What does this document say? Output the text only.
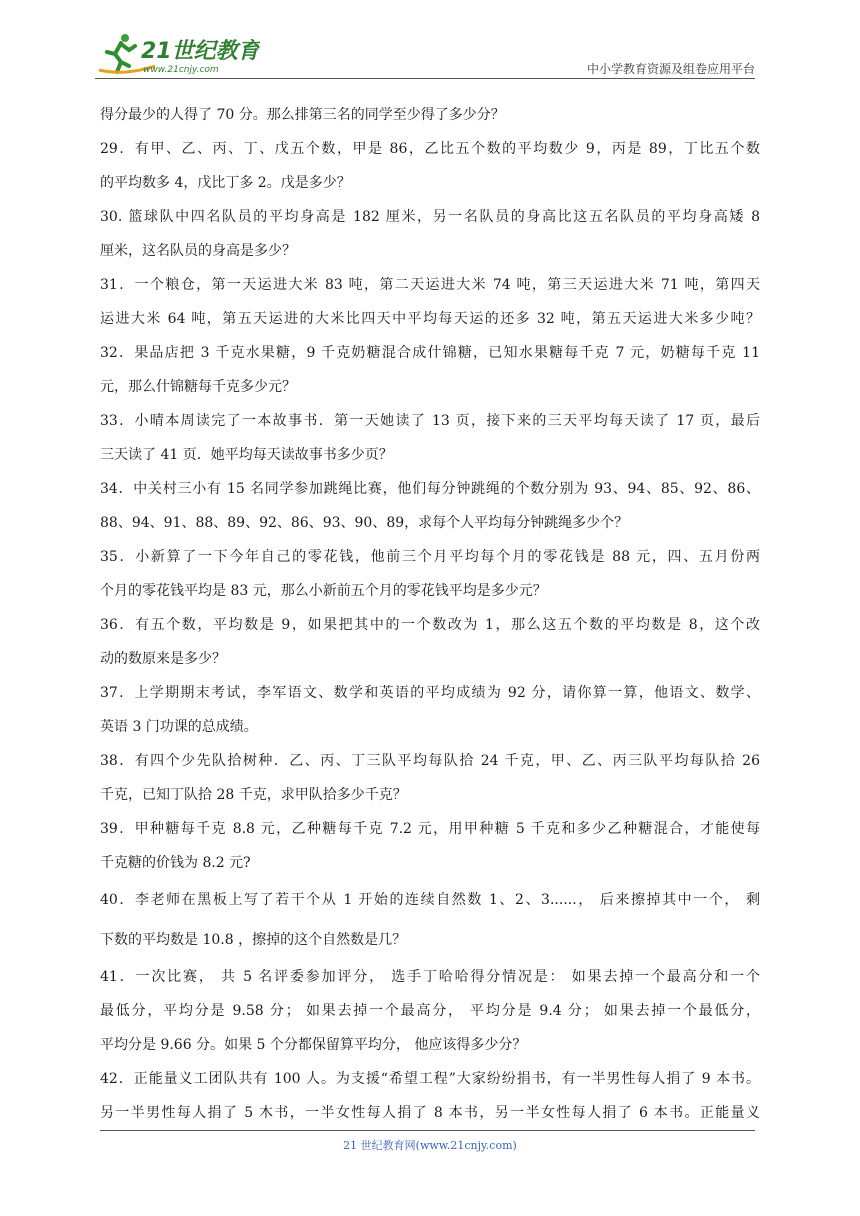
21世纪教育
www.21cnjy.com	中小学教育资源及组卷应用平台
得分最少的人得了 70 分。那么排第三名的同学至少得了多少分？
29．有甲、乙、丙、丁、戊五个数，甲是 86，乙比五个数的平均数少 9，丙是 89，丁比五个数
的平均数多 4，戊比丁多 2。戊是多少？
30. 篮球队中四名队员的平均身高是 182 厘米，另一名队员的身高比这五名队员的平均身高矮 8
厘米，这名队员的身高是多少？
31．一个粮仓，第一天运进大米 83 吨，第二天运进大米 74 吨，第三天运进大米 71 吨，第四天
运进大米 64 吨，第五天运进的大米比四天中平均每天运的还多 32 吨，第五天运进大米多少吨？
32．果品店把 3 千克水果糖，9 千克奶糖混合成什锦糖，已知水果糖每千克 7 元，奶糖每千克 11
元，那么什锦糖每千克多少元？
33．小晴本周读完了一本故事书．第一天她读了 13 页，接下来的三天平均每天读了 17 页，最后
三天读了 41 页．她平均每天读故事书多少页？
34．中关村三小有 15 名同学参加跳绳比赛，他们每分钟跳绳的个数分别为 93、94、85、92、86、
88、94、91、88、89、92、86、93、90、89，求每个人平均每分钟跳绳多少个？
35．小新算了一下今年自己的零花钱，他前三个月平均每个月的零花钱是 88 元，四、五月份两
个月的零花钱平均是 83 元，那么小新前五个月的零花钱平均是多少元？
36．有五个数，平均数是 9，如果把其中的一个数改为 1，那么这五个数的平均数是 8，这个改
动的数原来是多少？
37．上学期期末考试，李军语文、数学和英语的平均成绩为 92 分，请你算一算，他语文、数学、
英语 3 门功课的总成绩。
38．有四个少先队拾树种．乙、丙、丁三队平均每队拾 24 千克，甲、乙、丙三队平均每队拾 26
千克，已知丁队拾 28 千克，求甲队拾多少千克？
39．甲种糖每千克 8.8 元，乙种糖每千克 7.2 元，用甲种糖 5 千克和多少乙种糖混合，才能使每
千克糖的价钱为 8.2 元?
40．李老师在黑板上写了若干个从 1 开始的连续自然数 1、2、3......， 后来擦掉其中一个， 剩
下数的平均数是 10.8 ，擦掉的这个自然数是几？
41．一次比赛， 共 5 名评委参加评分， 选手丁哈哈得分情况是： 如果去掉一个最高分和一个
最低分，平均分是 9.58 分； 如果去掉一个最高分， 平均分是 9.4 分； 如果去掉一个最低分，
平均分是 9.66 分。如果 5 个分都保留算平均分， 他应该得多少分？
42．正能量义工团队共有 100 人。为支援“希望工程”大家纷纷捐书，有一半男性每人捐了 9 本书。
另一半男性每人捐了 5 木书，一半女性每人捐了 8 本书，另一半女性每人捐了 6 本书。正能量义
21 世纪教育网(www.21cnjy.com)
